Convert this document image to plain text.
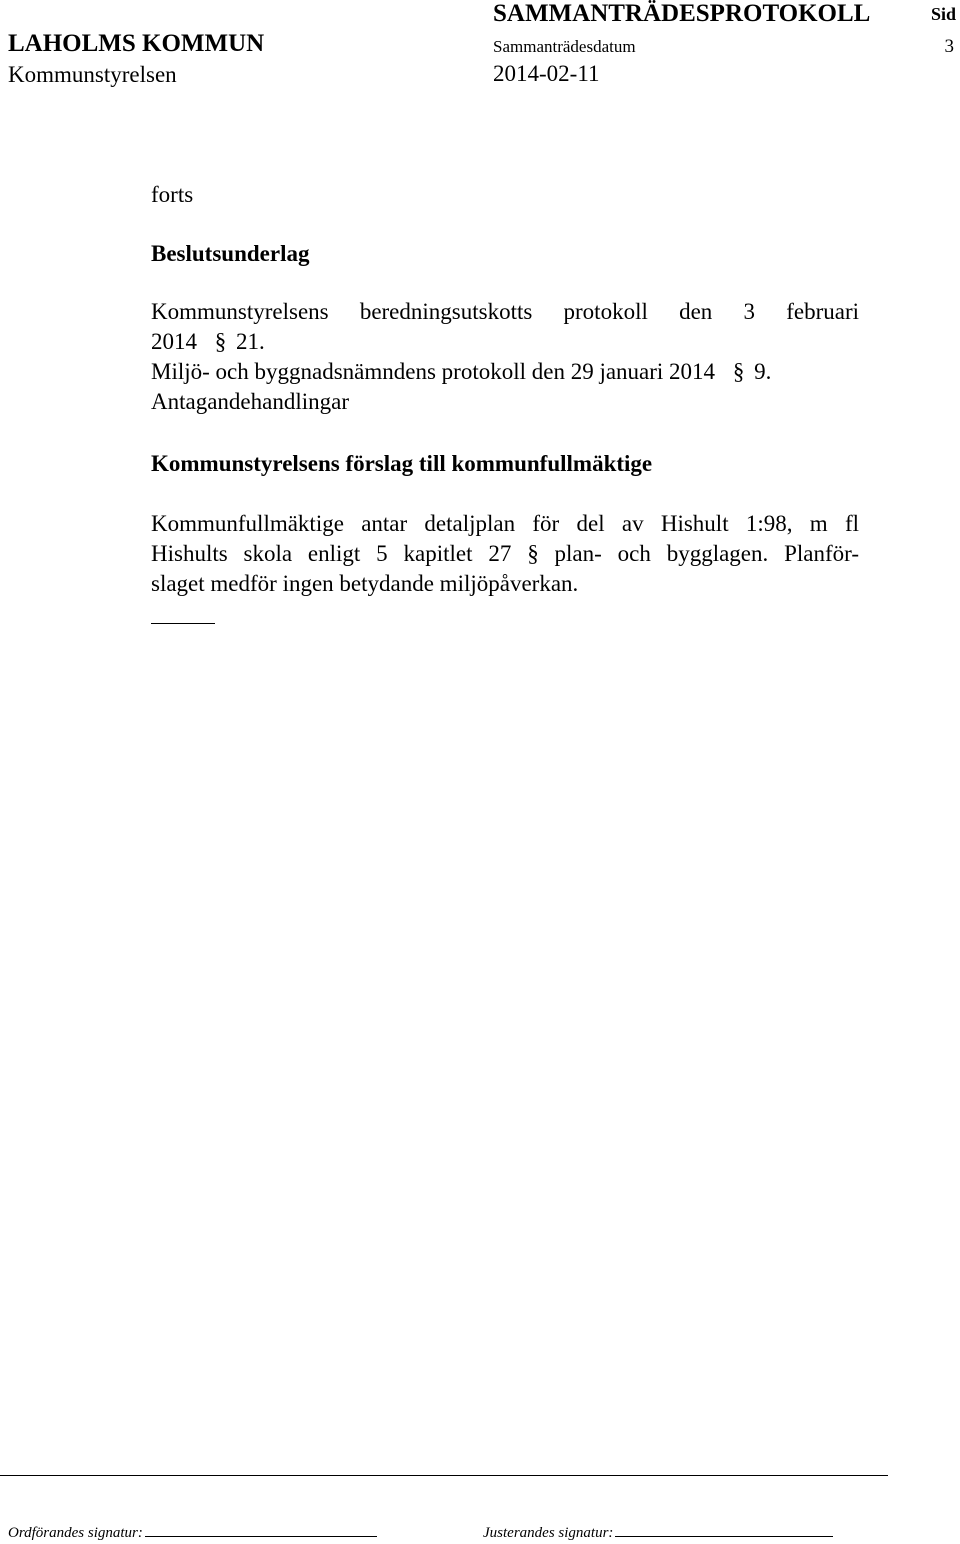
LAHOLMS KOMMUN
Kommunstyrelsen
SAMMANTRÄDESPROTOKOLL
Sammanträdesdatum
2014-02-11
Sid
3
forts
Beslutsunderlag
Kommunstyrelsens beredningsutskotts protokoll den 3 februari
2014 § 21.
Miljö- och byggnadsnämndens protokoll den 29 januari 2014 § 9.
Antagandehandlingar
Kommunstyrelsens förslag till kommunfullmäktige
Kommunfullmäktige antar detaljplan för del av Hishult 1:98, m fl
Hishults skola enligt 5 kapitlet 27 § plan- och bygglagen. Planför-
slaget medför ingen betydande miljöpåverkan.
Ordförandes signatur:	Justerandes signatur:
